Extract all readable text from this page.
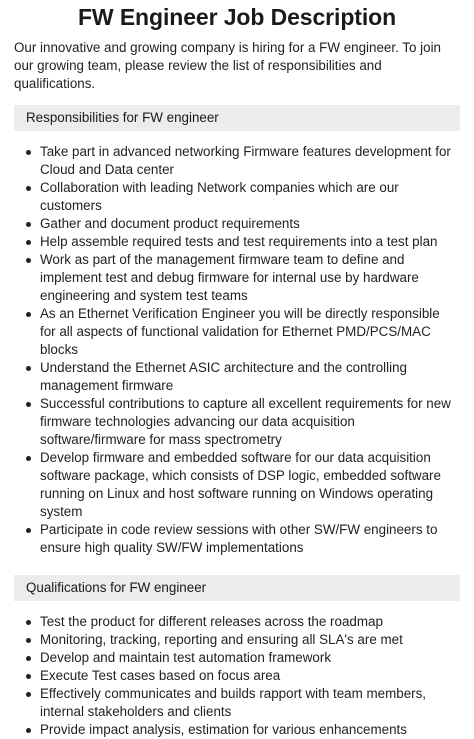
FW Engineer Job Description

Our innovative and growing company is hiring for a FW engineer. To join our growing team, please review the list of responsibilities and qualifications.

Responsibilities for FW engineer
Take part in advanced networking Firmware features development for Cloud and Data center
Collaboration with leading Network companies which are our customers
Gather and document product requirements
Help assemble required tests and test requirements into a test plan
Work as part of the management firmware team to define and implement test and debug firmware for internal use by hardware engineering and system test teams
As an Ethernet Verification Engineer you will be directly responsible for all aspects of functional validation for Ethernet PMD/PCS/MAC blocks
Understand the Ethernet ASIC architecture and the controlling management firmware
Successful contributions to capture all excellent requirements for new firmware technologies advancing our data acquisition software/firmware for mass spectrometry
Develop firmware and embedded software for our data acquisition software package, which consists of DSP logic, embedded software running on Linux and host software running on Windows operating system
Participate in code review sessions with other SW/FW engineers to ensure high quality SW/FW implementations
Qualifications for FW engineer
Test the product for different releases across the roadmap
Monitoring, tracking, reporting and ensuring all SLA's are met
Develop and maintain test automation framework
Execute Test cases based on focus area
Effectively communicates and builds rapport with team members, internal stakeholders and clients
Provide impact analysis, estimation for various enhancements
